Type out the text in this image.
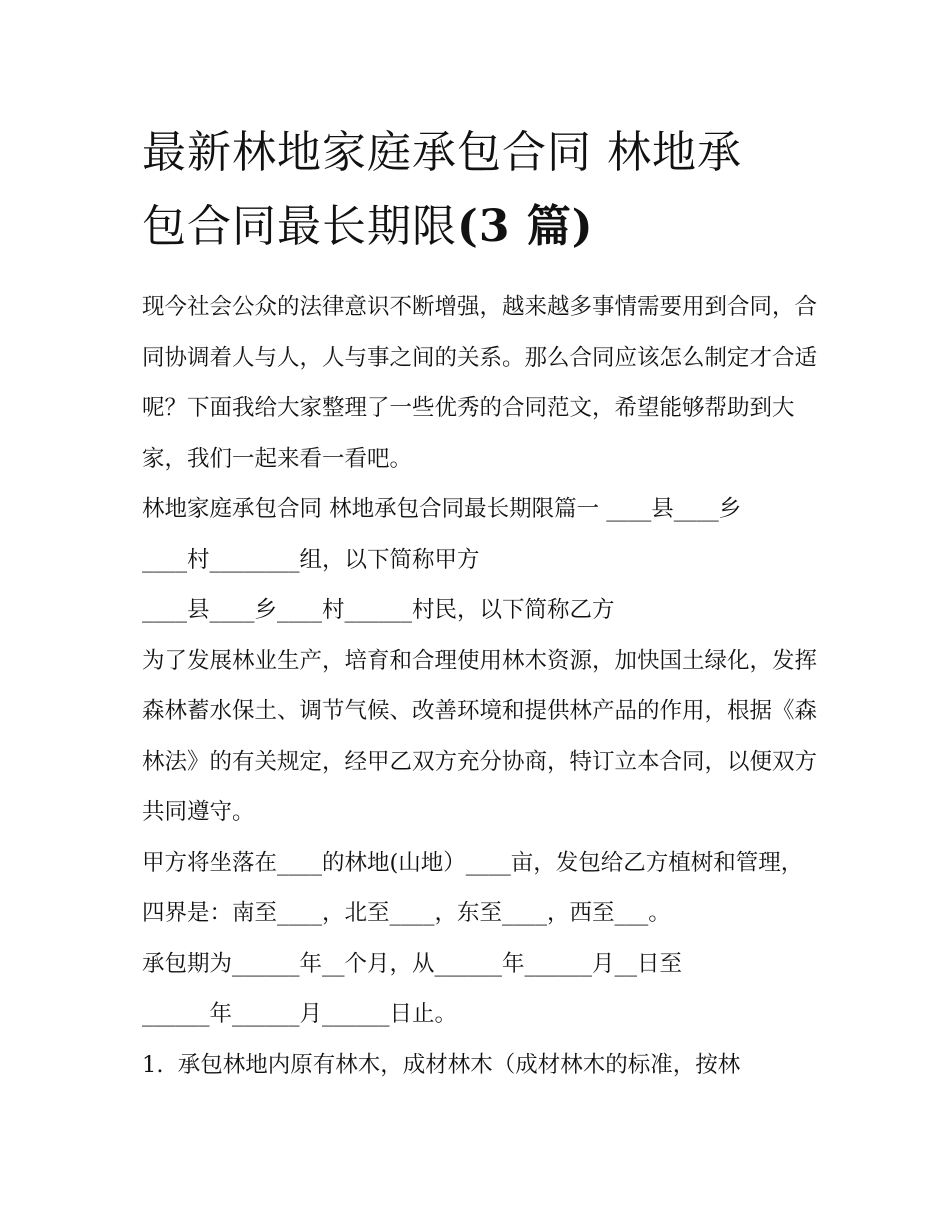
最新林地家庭承包合同 林地承
包合同最长期限(3 篇)

现今社会公众的法律意识不断增强，越来越多事情需要用到合同，合同协调着人与人，人与事之间的关系。那么合同应该怎么制定才合适呢？下面我给大家整理了一些优秀的合同范文，希望能够帮助到大家，我们一起来看一看吧。

林地家庭承包合同 林地承包合同最长期限篇一 ____县____乡

____村________组，以下简称甲方

____县____乡____村______村民，以下简称乙方

为了发展林业生产，培育和合理使用林木资源，加快国土绿化，发挥森林蓄水保土、调节气候、改善环境和提供林产品的作用，根据《森林法》的有关规定，经甲乙双方充分协商，特订立本合同，以便双方共同遵守。

甲方将坐落在____的林地(山地）____亩，发包给乙方植树和管理，四界是：南至____，北至____，东至____，西至___。

承包期为______年__个月，从______年______月__日至

______年______月______日止。

1.  承包林地内原有林木，成材林木（成材林木的标准，按林
